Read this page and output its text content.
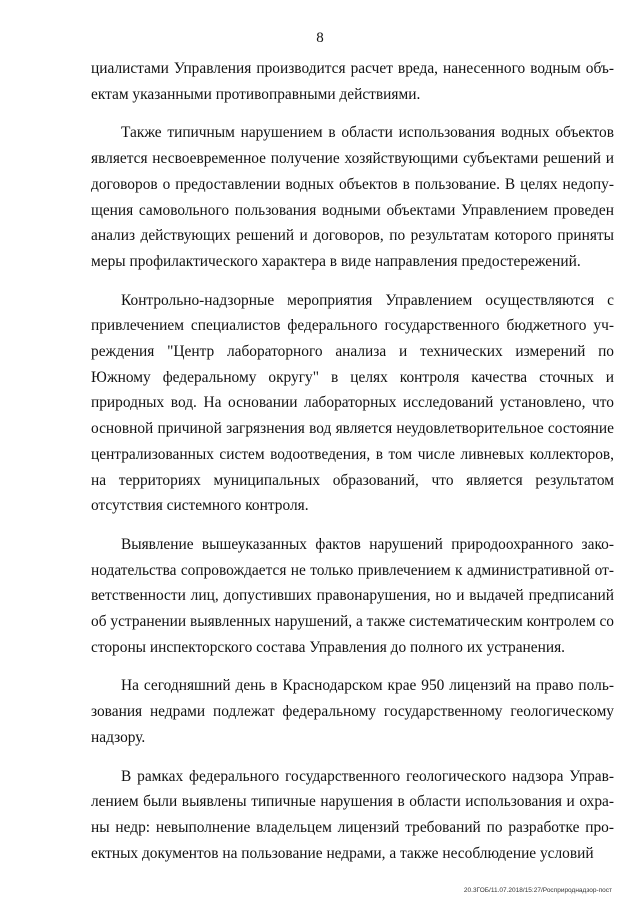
8

циалистами Управления производится расчет вреда, нанесенного водным объектам указанными противоправными действиями.

Также типичным нарушением в области использования водных объектов является несвоевременное получение хозяйствующими субъектами решений и договоров о предоставлении водных объектов в пользование. В целях недопущения самовольного пользования водными объектами Управлением проведен анализ действующих решений и договоров, по результатам которого приняты меры профилактического характера в виде направления предостережений.

Контрольно-надзорные мероприятия Управлением осуществляются с привлечением специалистов федерального государственного бюджетного учреждения "Центр лабораторного анализа и технических измерений по Южному федеральному округу" в целях контроля качества сточных и природных вод. На основании лабораторных исследований установлено, что основной причиной загрязнения вод является неудовлетворительное состояние централизованных систем водоотведения, в том числе ливневых коллекторов, на территориях муниципальных образований, что является результатом отсутствия системного контроля.

Выявление вышеуказанных фактов нарушений природоохранного законодательства сопровождается не только привлечением к административной ответственности лиц, допустивших правонарушения, но и выдачей предписаний об устранении выявленных нарушений, а также систематическим контролем со стороны инспекторского состава Управления до полного их устранения.

На сегодняшний день в Краснодарском крае 950 лицензий на право пользования недрами подлежат федеральному государственному геологическому надзору.

В рамках федерального государственного геологического надзора Управлением были выявлены типичные нарушения в области использования и охраны недр: невыполнение владельцем лицензий требований по разработке проектных документов на пользование недрами, а также несоблюдение условий

20.3ГОБ/11.07.2018/15:27/Росприроднадзор-пост
